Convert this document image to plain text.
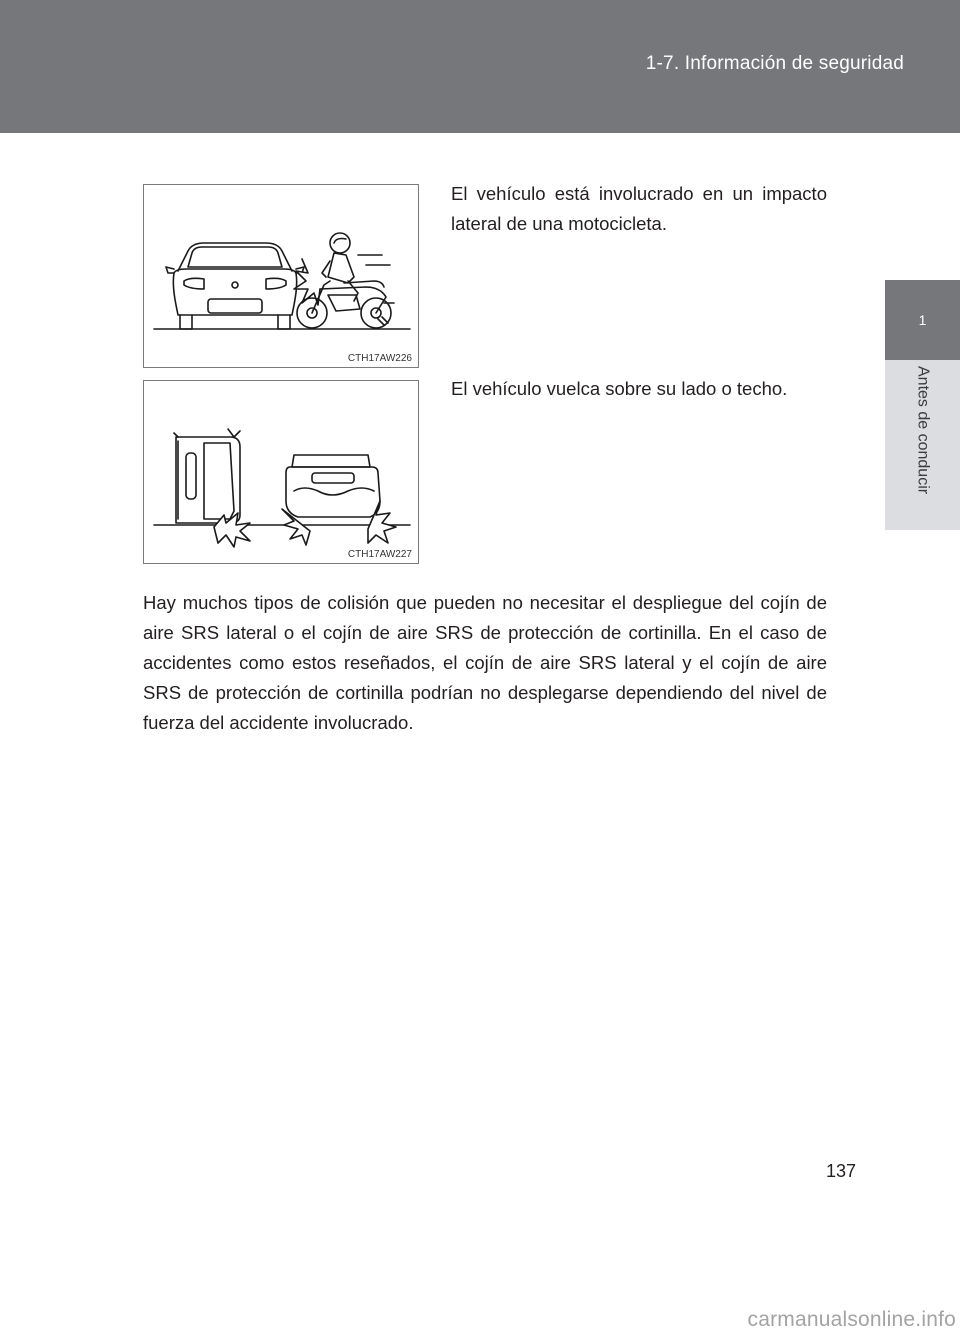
1-7. Información de seguridad
1
Antes de conducir
CTH17AW226
El vehículo está involucrado en un impacto lateral de una motocicleta.
CTH17AW227
El vehículo vuelca sobre su lado o techo.
Hay muchos tipos de colisión que pueden no necesitar el despliegue del cojín de aire SRS lateral o el cojín de aire SRS de protección de cortinilla. En el caso de accidentes como estos reseñados, el cojín de aire SRS lateral y el cojín de aire SRS de protección de cortinilla podrían no desplegarse dependiendo del nivel de fuerza del accidente involucrado.
137
carmanualsonline.info
